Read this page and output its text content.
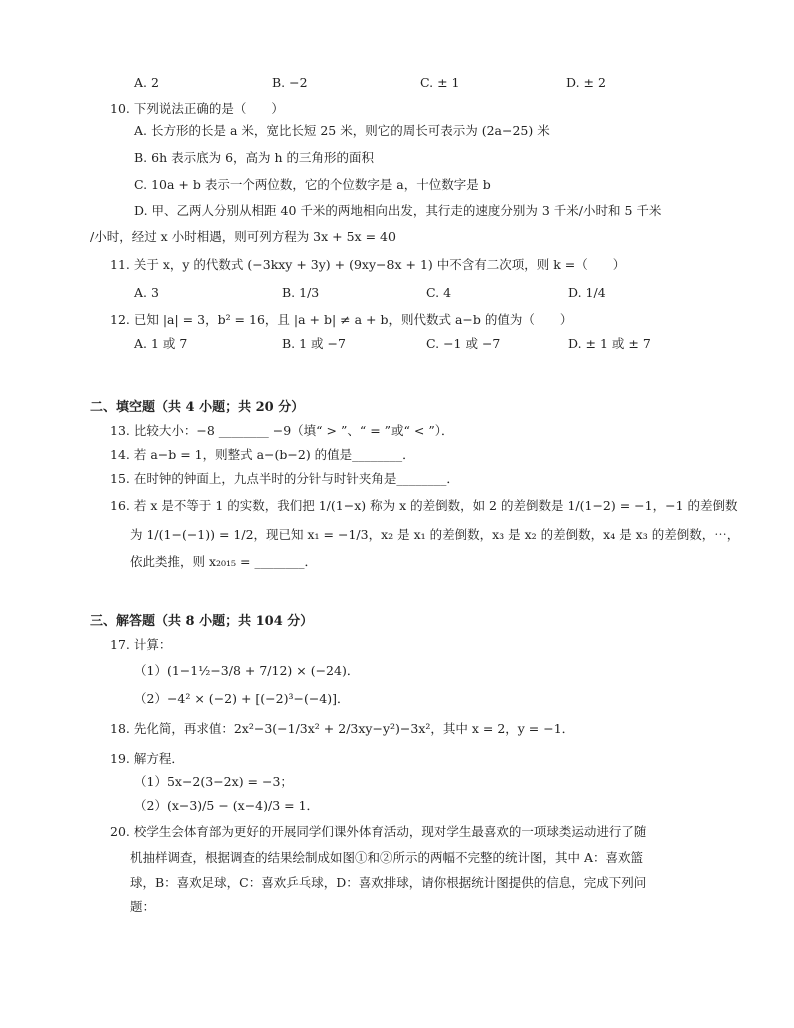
A. 2	B. −2	C. ± 1	D. ± 2
10. 下列说法正确的是（　　）
A. 长方形的长是 a 米，宽比长短 25 米，则它的周长可表示为 (2a−25) 米
B. 6h 表示底为 6，高为 h 的三角形的面积
C. 10a + b 表示一个两位数，它的个位数字是 a，十位数字是 b
D. 甲、乙两人分别从相距 40 千米的两地相向出发，其行走的速度分别为 3 千米/小时和 5 千米
/小时，经过 x 小时相遇，则可列方程为 3x + 5x = 40
11. 关于 x，y 的代数式 (−3kxy + 3y) + (9xy−8x + 1) 中不含有二次项，则 k =（　　）
A. 3	B. 1/3	C. 4	D. 1/4
12. 已知 |a| = 3，b² = 16，且 |a + b| ≠ a + b，则代数式 a−b 的值为（　　）
A. 1 或 7	B. 1 或 −7	C. −1 或 −7	D. ± 1 或 ± 7
二、填空题（共 4 小题；共 20 分）
13. 比较大小：−8 ________ −9（填“ > ”、“ = ”或“ < ”）．
14. 若 a−b = 1，则整式 a−(b−2) 的值是________．
15. 在时钟的钟面上，九点半时的分针与时针夹角是________．
16. 若 x 是不等于 1 的实数，我们把 1/(1−x) 称为 x 的差倒数，如 2 的差倒数是 1/(1−2) = −1，−1 的差倒数
为 1/(1−(−1)) = 1/2，现已知 x₁ = −1/3，x₂ 是 x₁ 的差倒数，x₃ 是 x₂ 的差倒数，x₄ 是 x₃ 的差倒数，⋯，
依此类推，则 x₂₀₁₅ = ________．
三、解答题（共 8 小题；共 104 分）
17. 计算：
（1）(1−1½−3/8 + 7/12) × (−24)．
（2）−4² × (−2) + [(−2)³−(−4)]．
18. 先化简，再求值：2x²−3(−1/3x² + 2/3xy−y²)−3x²，其中 x = 2，y = −1．
19. 解方程．
（1）5x−2(3−2x) = −3；
（2）(x−3)/5 − (x−4)/3 = 1．
20. 校学生会体育部为更好的开展同学们课外体育活动，现对学生最喜欢的一项球类运动进行了随
机抽样调查，根据调查的结果绘制成如图①和②所示的两幅不完整的统计图，其中 A：喜欢篮
球，B：喜欢足球，C：喜欢乒乓球，D：喜欢排球，请你根据统计图提供的信息，完成下列问
题：
